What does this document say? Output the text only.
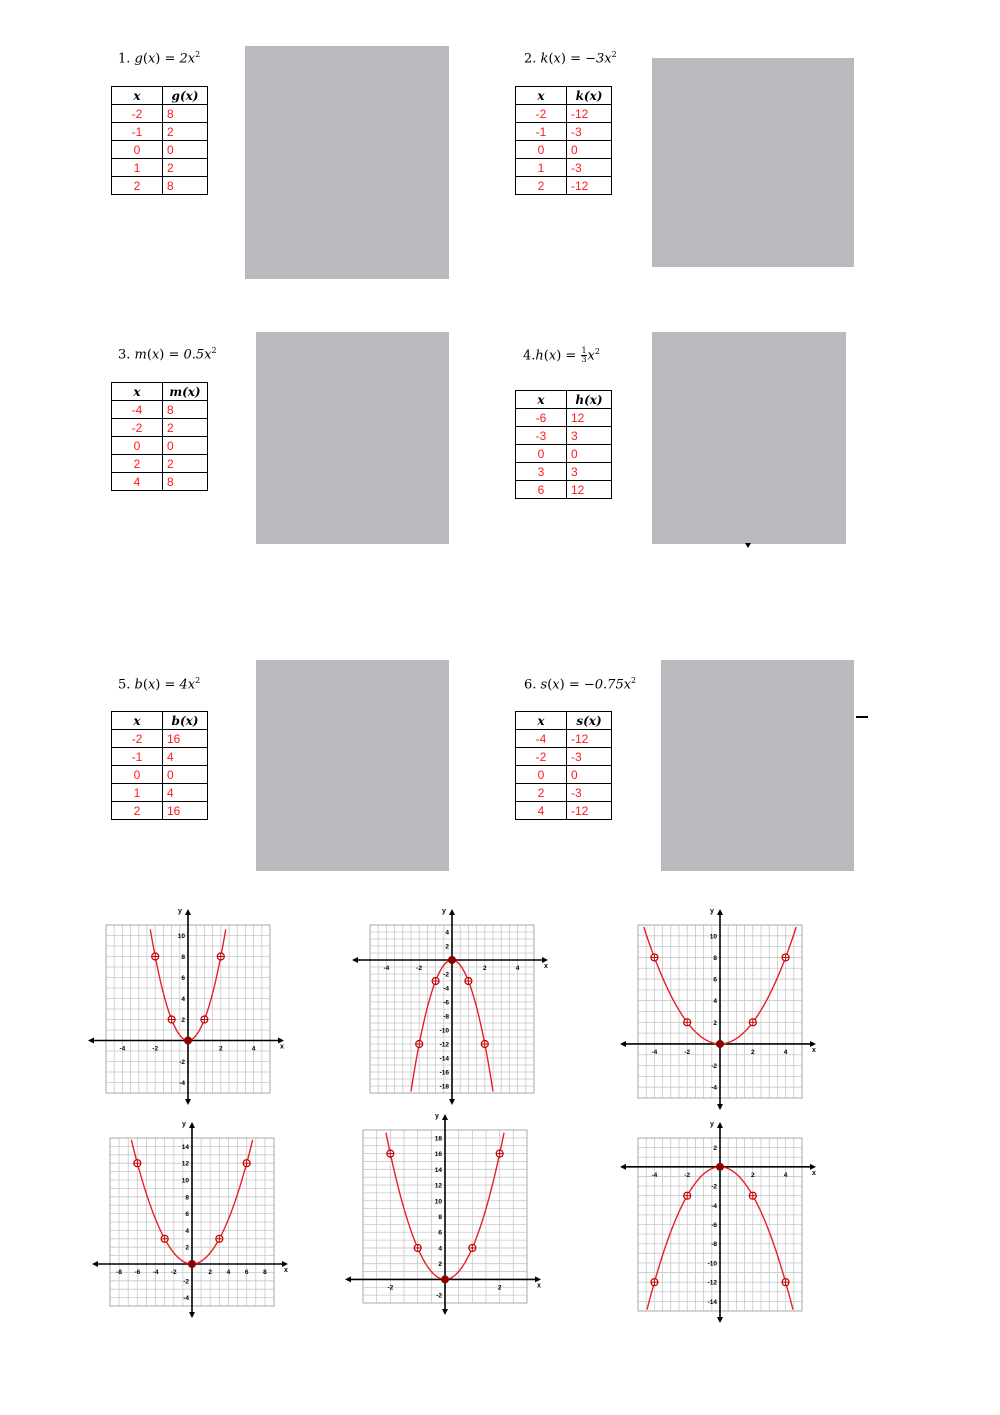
1. $g(x) = 2x^2$	2. $k(x) = -3x^2$
3. $m(x) = 0.5x^2$	$4.h(x) = \frac{1}{3} x^2$
5. $b(x) = 4x^2$	6. $s(x) = -0.75x^2$
x	g(x)
-2	8
-1	2
0	0
1	2
2	8
x	k(x)
-2	-12
-1	-3
0	0
1	-3
2	-12
x	m(x)
-4	8
-2	2
0	0
2	2
4	8
x	h(x)
-6	12
-3	3
0	0
3	3
6	12
x	b(x)
-2	16
-1	4
0	0
1	4
2	16
x	s(x)
-4	-12
-2	-3
0	0
2	-3
4	-12
y
x
-4	-2	2	4
-4
-2
2
4
6
8
10
y
x
-4	-2	2	4
4
2
-2
-4
-6
-8
-10
-12
-14
-16
-18
y
x
-4	-2	2	4
-4
-2
2
4
6
8
10
y
x
-8 -6 -4 -2	2 4 6 8
-4
-2
2
4
6
8
10
12
14
y
x
-2	2
-2
2
4
6
8
10
12
14
16
18
y
x
-4	-2	2	4
2
-2
-4
-6
-8
-10
-12
-14
